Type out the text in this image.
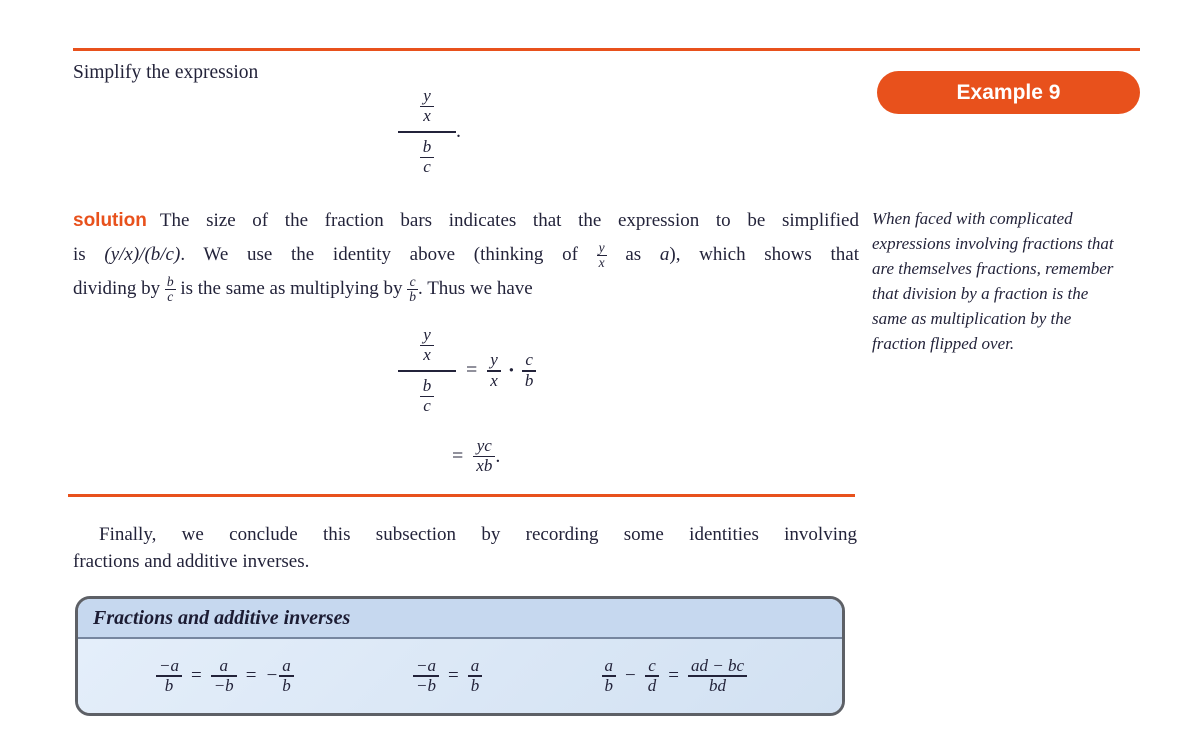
Simplify the expression
Example 9
$\frac{y}{x}$
$\frac{b}{c}$
.
solution The size of the fraction bars indicates that the expression to be simplified
is (y/x)/(b/c). We use the identity above (thinking of $\frac{y}{x}$ as a), which shows that
dividing by $\frac{b}{c}$ is the same as multiplying by $\frac{c}{b}$ . Thus we have
When faced with complicated expressions involving fractions that are themselves fractions, remember that division by a fraction is the same as multiplication by the fraction flipped over.
$\frac{y}{x}$
$\frac{b}{c}$
= $\frac{y}{x} \cdot \frac{c}{b}$
= $\frac{yc}{xb}$ .
Finally, we conclude this subsection by recording some identities involving
fractions and additive inverses.
Fractions and additive inverses
$\frac{-a}{b} = \frac{a}{-b}$ = − $\frac{a}{b}$	$\frac{-a}{-b} = \frac{a}{b}$	$\frac{a}{b} - \frac{c}{d} = \frac{ad - bc}{bd}$
